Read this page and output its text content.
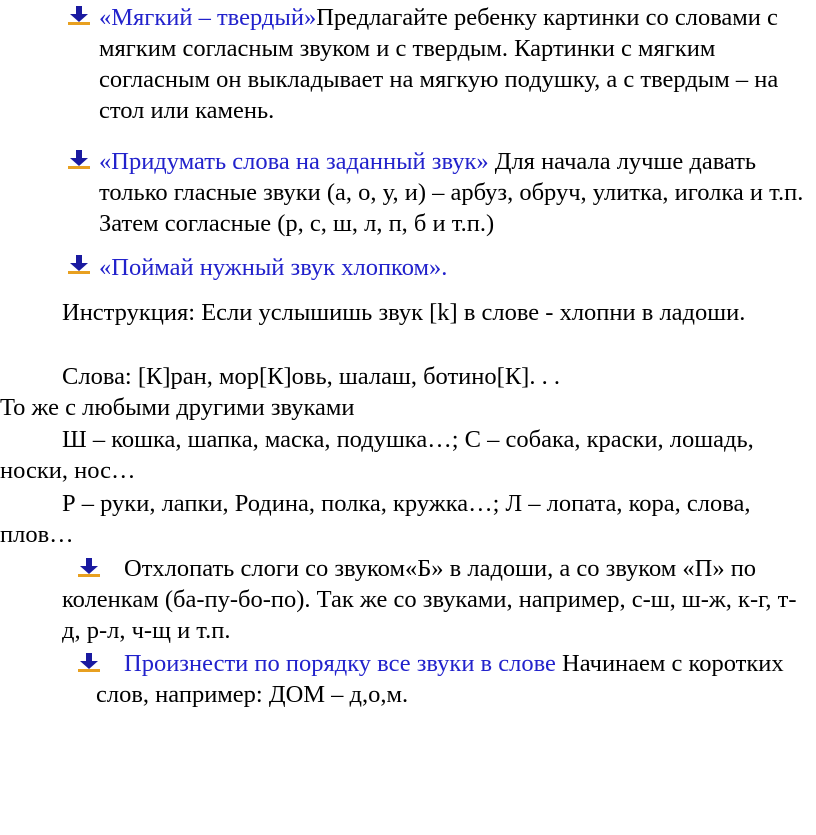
«Мягкий – твердый»Предлагайте ребенку картинки со словами с мягким согласным звуком и с твердым. Картинки с мягким согласным он выкладывает на мягкую подушку, а с твердым – на стол или камень.
«Придумать слова на заданный звук» Для начала лучше давать только гласные звуки (а, о, у, и) – арбуз, обруч, улитка, иголка и т.п. Затем согласные (р, с, ш, л, п, б и т.п.)
«Поймай нужный звук хлопком».
Инструкция: Если услышишь звук [k] в слове - хлопни в ладоши.
Слова: [К]ран, мор[К]овь, шалаш, ботино[К]. . .
То же с любыми другими звуками
Ш – кошка, шапка, маска, подушка…; С – собака, краски, лошадь, носки, нос…
Р – руки, лапки, Родина, полка, кружка…; Л – лопата, кора, слова, плов…
Отхлопать слоги со звуком«Б» в ладоши, а со звуком «П» по коленкам (ба-пу-бо-по). Так же со звуками, например, с-ш, ш-ж, к-г, т-д, р-л, ч-щ и т.п.
Произнести по порядку все звуки в слове Начинаем с коротких слов, например: ДОМ – д,о,м.
